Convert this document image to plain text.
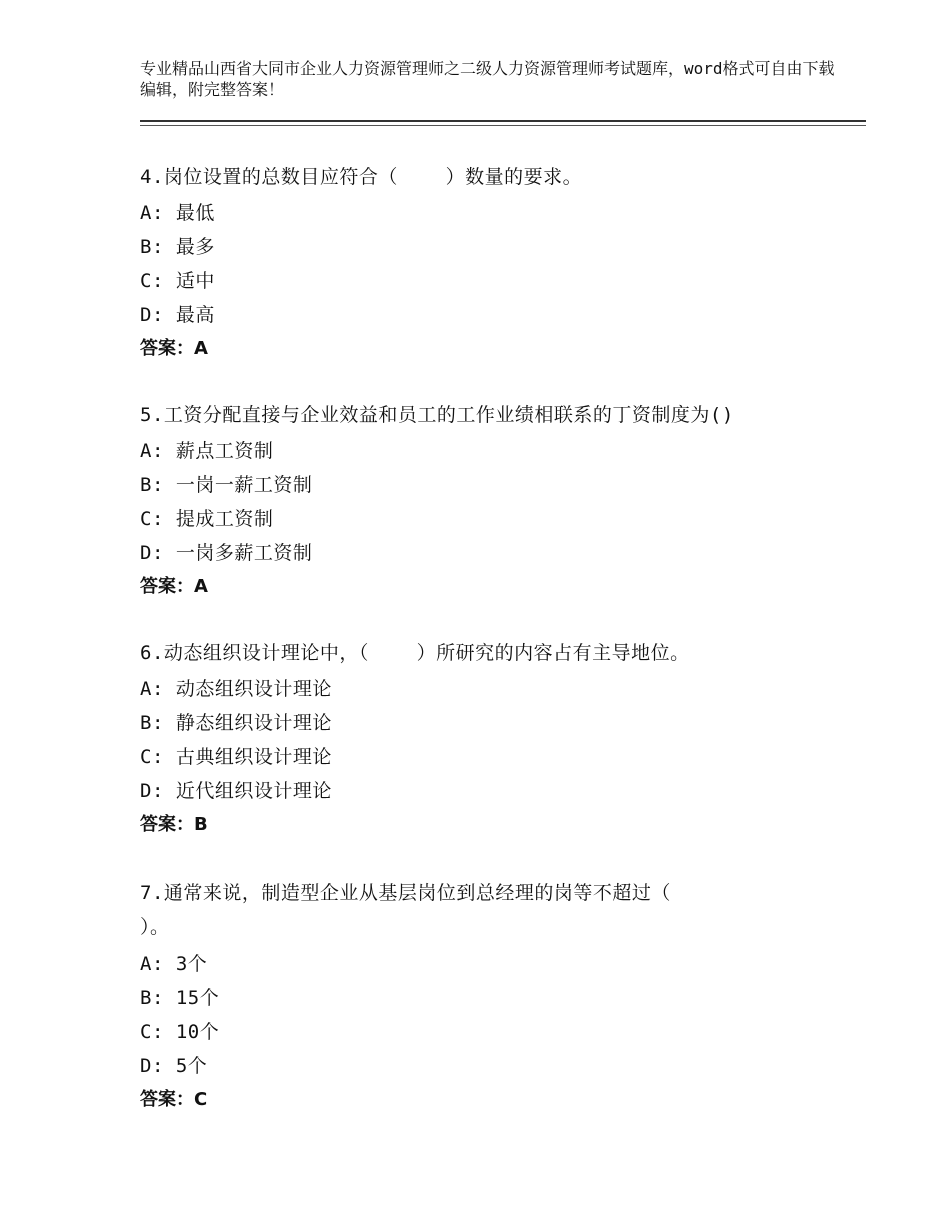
专业精品山西省大同市企业人力资源管理师之二级人力资源管理师考试题库，word格式可自由下载编辑，附完整答案！
4.岗位设置的总数目应符合（    ）数量的要求。
A: 最低
B: 最多
C: 适中
D: 最高
答案：A
5.工资分配直接与企业效益和员工的工作业绩相联系的丁资制度为()
A: 薪点工资制
B: 一岗一薪工资制
C: 提成工资制
D: 一岗多薪工资制
答案：A
6.动态组织设计理论中，（    ）所研究的内容占有主导地位。
A: 动态组织设计理论
B: 静态组织设计理论
C: 古典组织设计理论
D: 近代组织设计理论
答案：B
7.通常来说，制造型企业从基层岗位到总经理的岗等不超过（    ）。
A: 3个
B: 15个
C: 10个
D: 5个
答案：C
